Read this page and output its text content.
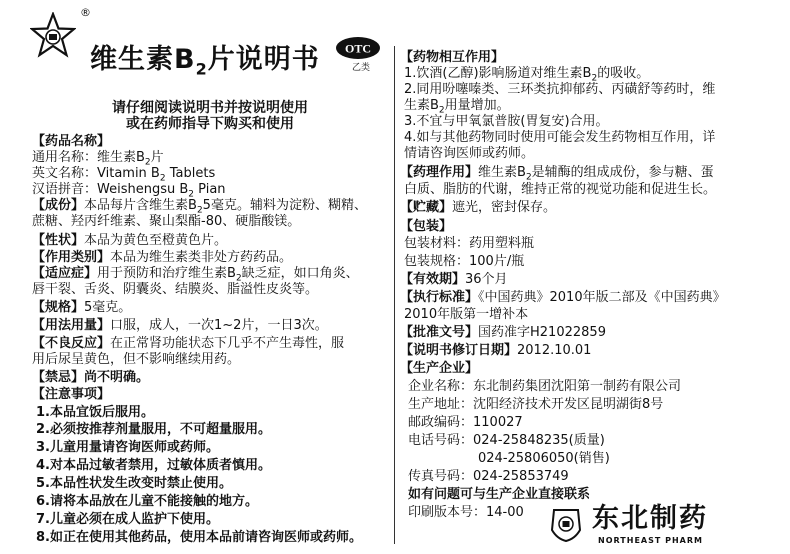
®
维生素$B_2$片说明书 OTC
乙类
请仔细阅读说明书并按说明使用
或在药师指导下购买和使用
【药品名称】
通用名称：维生素$B_2$片
英文名称：Vitamin $B_2$ Tablets
汉语拼音：Weishengsu $B_2$ Pian
【成份】本品每片含维生素$B_25$毫克。辅料为淀粉、糊精、
蔗糖、羟丙纤维素、聚山梨酯-80、硬脂酸镁。
【性状】本品为黄色至橙黄色片。
【作用类别】本品为维生素类非处方药药品。
【适应症】用于预防和治疗维生素$B_2$缺乏症，如口角炎、
唇干裂、舌炎、阴囊炎、结膜炎、脂溢性皮炎等。
【规格】5毫克。
【用法用量】口服，成人，一次1~2片，一日3次。
【不良反应】在正常肾功能状态下几乎不产生毒性，服
用后尿呈黄色，但不影响继续用药。
【禁忌】尚不明确。
【注意事项】
1.本品宜饭后服用。
2.必须按推荐剂量服用，不可超量服用。
3.儿童用量请咨询医师或药师。
4.对本品过敏者禁用，过敏体质者慎用。
5.本品性状发生改变时禁止使用。
6.请将本品放在儿童不能接触的地方。
7.儿童必须在成人监护下使用。
8.如正在使用其他药品，使用本品前请咨询医师或药师。
【药物相互作用】
1.饮酒(乙醇)影响肠道对维生素$B_2$的吸收。
2.同用吩噻嗪类、三环类抗抑郁药、丙磺舒等药时，维
生素$B_2$用量增加。
3.不宜与甲氧氯普胺(胃复安)合用。
4.如与其他药物同时使用可能会发生药物相互作用，详
情请咨询医师或药师。
【药理作用】维生素$B_2$是辅酶的组成成份，参与糖、蛋
白质、脂肪的代谢，维持正常的视觉功能和促进生长。
【贮藏】遮光，密封保存。
【包装】
包装材料：药用塑料瓶
包装规格：100片/瓶
【有效期】36个月
【执行标准】《中国药典》2010年版二部及《中国药典》
2010年版第一增补本
【批准文号】国药准字H21022859
【说明书修订日期】2012.10.01
【生产企业】
企业名称：东北制药集团沈阳第一制药有限公司
生产地址：沈阳经济技术开发区昆明湖街8号
邮政编码：110027
电话号码：024-25848235(质量)
024-25806050(销售)
传真号码：024-25853749
如有问题可与生产企业直接联系
印刷版本号：14-00	东北制药
NORTHEAST PHARM
